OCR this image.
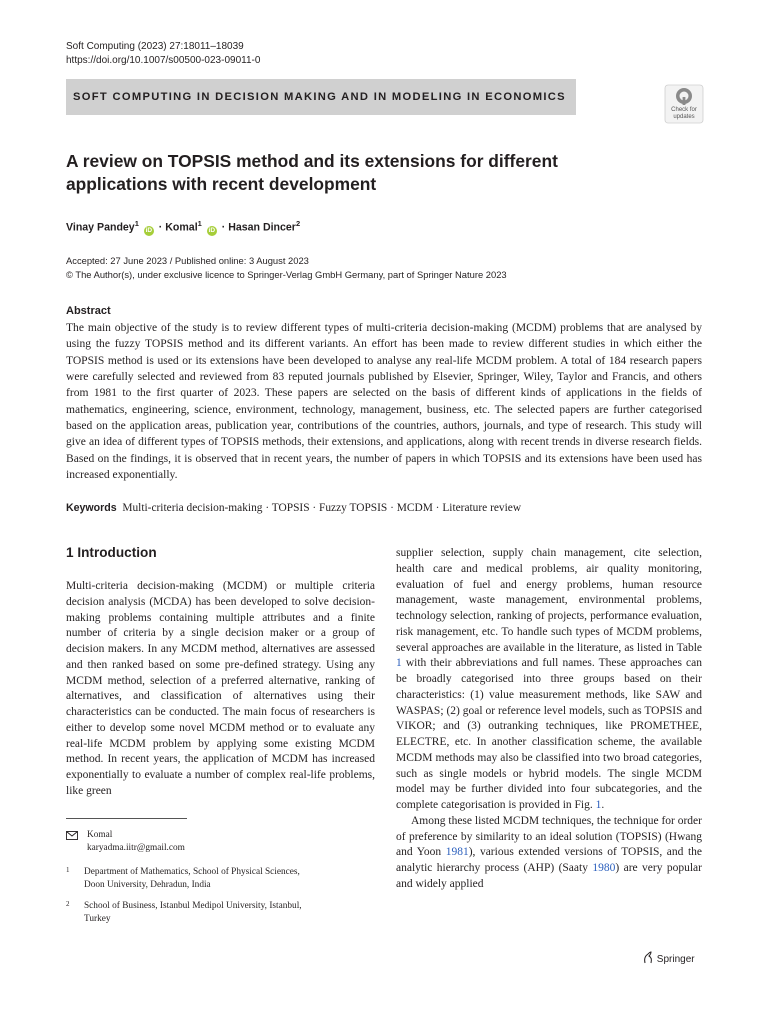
Soft Computing (2023) 27:18011–18039
https://doi.org/10.1007/s00500-023-09011-0
SOFT COMPUTING IN DECISION MAKING AND IN MODELING IN ECONOMICS
Check for
updates
A review on TOPSIS method and its extensions for different
applications with recent development
Vinay Pandey$^1$ iD · Komal$^1$ iD · Hasan Dincer$^2$
Accepted: 27 June 2023 / Published online: 3 August 2023
© The Author(s), under exclusive licence to Springer-Verlag GmbH Germany, part of Springer Nature 2023
Abstract
The main objective of the study is to review different types of multi-criteria decision-making (MCDM) problems that are analysed by using the fuzzy TOPSIS method and its different variants. An effort has been made to review different studies in which either the TOPSIS method is used or its extensions have been developed to analyse any real-life MCDM problem. A total of 184 research papers were carefully selected and reviewed from 83 reputed journals published by Elsevier, Springer, Wiley, Taylor and Francis, and others from 1981 to the first quarter of 2023. These papers are selected on the basis of different kinds of applications in the fields of mathematics, engineering, science, environment, technology, management, business, etc. The selected papers are further categorised based on the application areas, publication year, contributions of the countries, authors, journals, and type of research. This study will give an idea of different types of TOPSIS methods, their extensions, and applications, along with recent trends in diverse research fields. Based on the findings, it is observed that in recent years, the number of papers in which TOPSIS and its extensions have been used has increased exponentially.
Keywords Multi-criteria decision-making · TOPSIS · Fuzzy TOPSIS · MCDM · Literature review
1 Introduction
Multi-criteria decision-making (MCDM) or multiple criteria decision analysis (MCDA) has been developed to solve decision-making problems containing multiple attributes and a finite number of criteria by a single decision maker or a group of decision makers. In any MCDM method, alternatives are assessed and then ranked based on some pre-defined strategy. Using any MCDM method, selection of a preferred alternative, ranking of alternatives, and classification of alternatives using their characteristics can be conducted. The main focus of researchers is either to develop some novel MCDM method or to evaluate any real-life MCDM problem by applying some existing MCDM method. In recent years, the application of MCDM has increased exponentially to evaluate a number of complex real-life problems, like green
supplier selection, supply chain management, cite selection, health care and medical problems, air quality monitoring, evaluation of fuel and energy problems, human resource management, waste management, environmental problems, technology selection, ranking of projects, performance evaluation, risk management, etc. To handle such types of MCDM problems, several approaches are available in the literature, as listed in Table 1 with their abbreviations and full names. These approaches can be broadly categorised into three groups based on their characteristics: (1) value measurement methods, like SAW and WASPAS; (2) goal or reference level models, such as TOPSIS and VIKOR; and (3) outranking techniques, like PROMETHEE, ELECTRE, etc. In another classification scheme, the available MCDM methods may also be classified into two broad categories, such as single models or hybrid models. The single MCDM model may be further divided into four subcategories, and the complete categorisation is provided in Fig. 1.
Among these listed MCDM techniques, the technique for order of preference by similarity to an ideal solution (TOPSIS) (Hwang and Yoon 1981), various extended versions of TOPSIS, and the analytic hierarchy process (AHP) (Saaty 1980) are very popular and widely applied
Komal
karyadma.iitr@gmail.com
1 Department of Mathematics, School of Physical Sciences,
Doon University, Dehradun, India
2 School of Business, Istanbul Medipol University, Istanbul,
Turkey
Springer
